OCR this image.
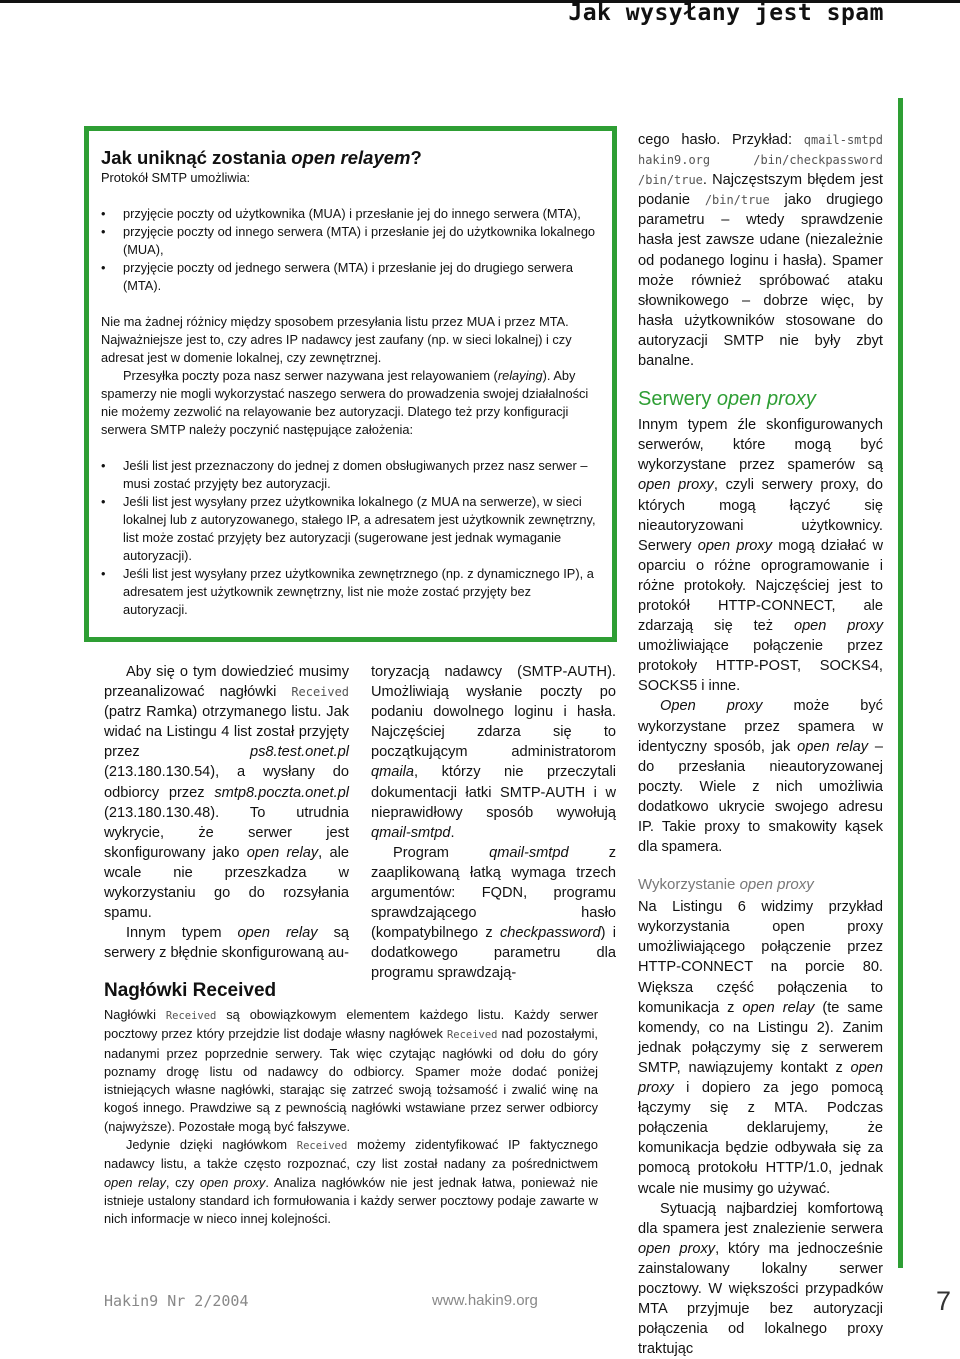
Jak wysyłany jest spam
Jak uniknąć zostania open relayem?

Protokół SMTP umożliwia:

• przyjęcie poczty od użytkownika (MUA) i przesłanie jej do innego serwera (MTA),
• przyjęcie poczty od innego serwera (MTA) i przesłanie jej do użytkownika lokalnego (MUA),
• przyjęcie poczty od jednego serwera (MTA) i przesłanie jej do drugiego serwera (MTA).

Nie ma żadnej różnicy między sposobem przesyłania listu przez MUA i przez MTA. Najważniejsze jest to, czy adres IP nadawcy jest zaufany (np. w sieci lokalnej) i czy adresat jest w domenie lokalnej, czy zewnętrznej.

Przesyłka poczty poza nasz serwer nazywana jest relayowaniem (relaying). Aby spamerzy nie mogli wykorzystać naszego serwera do prowadzenia swojej działalności nie możemy zezwolić na relayowanie bez autoryzacji. Dlatego też przy konfiguracji serwera SMTP należy poczynić następujące założenia:

• Jeśli list jest przeznaczony do jednej z domen obsługiwanych przez nasz serwer – musi zostać przyjęty bez autoryzacji.
• Jeśli list jest wysyłany przez użytkownika lokalnego (z MUA na serwerze), w sieci lokalnej lub z autoryzowanego, stałego IP, a adresatem jest użytkownik zewnętrzny, list może zostać przyjęty bez autoryzacji (sugerowane jest jednak wymaganie autoryzacji).
• Jeśli list jest wysyłany przez użytkownika zewnętrznego (np. z dynamicznego IP), a adresatem jest użytkownik zewnętrzny, list nie może zostać przyjęty bez autoryzacji.

Aby się o tym dowiedzieć musimy przeanalizować nagłówki Received (patrz Ramka) otrzymanego listu. Jak widać na Listingu 4 list został przyjęty przez ps8.test.onet.pl (213.180.130.54), a wysłany do odbiorcy przez smtp8.poczta.onet.pl (213.180.130.48). To utrudnia wykrycie, że serwer jest skonfigurowany jako open relay, ale wcale nie przeszkadza w wykorzystaniu go do rozsyłania spamu.

Innym typem open relay są serwery z błędnie skonfigurowaną au-

toryzacją nadawcy (SMTP-AUTH). Umożliwiają wysłanie poczty po podaniu dowolnego loginu i hasła. Najczęściej zdarza się to początkującym administratorom qmaila, którzy nie przeczytali dokumentacji łatki SMTP-AUTH i w nieprawidłowy sposób wywołują qmail-smtpd.

Program qmail-smtpd z zaaplikowaną łatką wymaga trzech argumentów: FQDN, programu sprawdzającego hasło (kompatybilnego z checkpassword) i dodatkowego parametru dla programu sprawdzają-

Nagłówki Received

Nagłówki Received są obowiązkowym elementem każdego listu. Każdy serwer pocztowy przez który przejdzie list dodaje własny nagłówek Received nad pozostałymi, nadanymi przez poprzednie serwery. Tak więc czytając nagłówki od dołu do góry poznamy drogę listu od nadawcy do odbiorcy. Spamer może dodać poniżej istniejących własne nagłówki, starając się zatrzeć swoją tożsamość i zwalić winę na kogoś innego. Prawdziwe są z pewnością nagłówki wstawiane przez serwer odbiorcy (najwyższe). Pozostałe mogą być fałszywe.

Jedynie dzięki nagłówkom Received możemy zidentyfikować IP faktycznego nadawcy listu, a także często rozpoznać, czy list został nadany za pośrednictwem open relay, czy open proxy. Analiza nagłówków nie jest jednak łatwa, ponieważ nie istnieje ustalony standard ich formułowania i każdy serwer pocztowy podaje zawarte w nich informacje w nieco innej kolejności.

cego hasło. Przykład: qmail-smtpd hakin9.org /bin/checkpassword /bin/true. Najczęstszym błędem jest podanie /bin/true jako drugiego parametru – wtedy sprawdzenie hasła jest zawsze udane (niezależnie od podanego loginu i hasła). Spamer może również spróbować ataku słownikowego – dobrze więc, by hasła użytkowników stosowane do autoryzacji SMTP nie były zbyt banalne.

Serwery open proxy

Innym typem źle skonfigurowanych serwerów, które mogą być wykorzystane przez spamerów są open proxy, czyli serwery proxy, do których mogą łączyć się nieautoryzowani użytkownicy. Serwery open proxy mogą działać w oparciu o różne oprogramowanie i różne protokoły. Najczęściej jest to protokół HTTP-CONNECT, ale zdarzają się też open proxy umożliwiające połączenie przez protokoły HTTP-POST, SOCKS4, SOCKS5 i inne.

Open proxy może być wykorzystane przez spamera w identyczny sposób, jak open relay – do przesłania nieautoryzowanej poczty. Wiele z nich umożliwia dodatkowo ukrycie swojego adresu IP. Takie proxy to smakowity kąsek dla spamera.

Wykorzystanie open proxy

Na Listingu 6 widzimy przykład wykorzystania open proxy umożliwiającego połączenie przez HTTP-CONNECT na porcie 80. Większa część połączenia to komunikacja z open relay (te same komendy, co na Listingu 2). Zanim jednak połączymy się z serwerem SMTP, nawiązujemy kontakt z open proxy i dopiero za jego pomocą łączymy się z MTA. Podczas połączenia deklarujemy, że komunikacja będzie odbywała się za pomocą protokołu HTTP/1.0, jednak wcale nie musimy go używać.

Sytuacją najbardziej komfortową dla spamera jest znalezienie serwera open proxy, który ma jednocześnie zainstalowany lokalny serwer pocztowy. W większości przypadków MTA przyjmuje bez autoryzacji połączenia od lokalnego proxy traktując

Hakin9 Nr 2/2004	www.hakin9.org	7
